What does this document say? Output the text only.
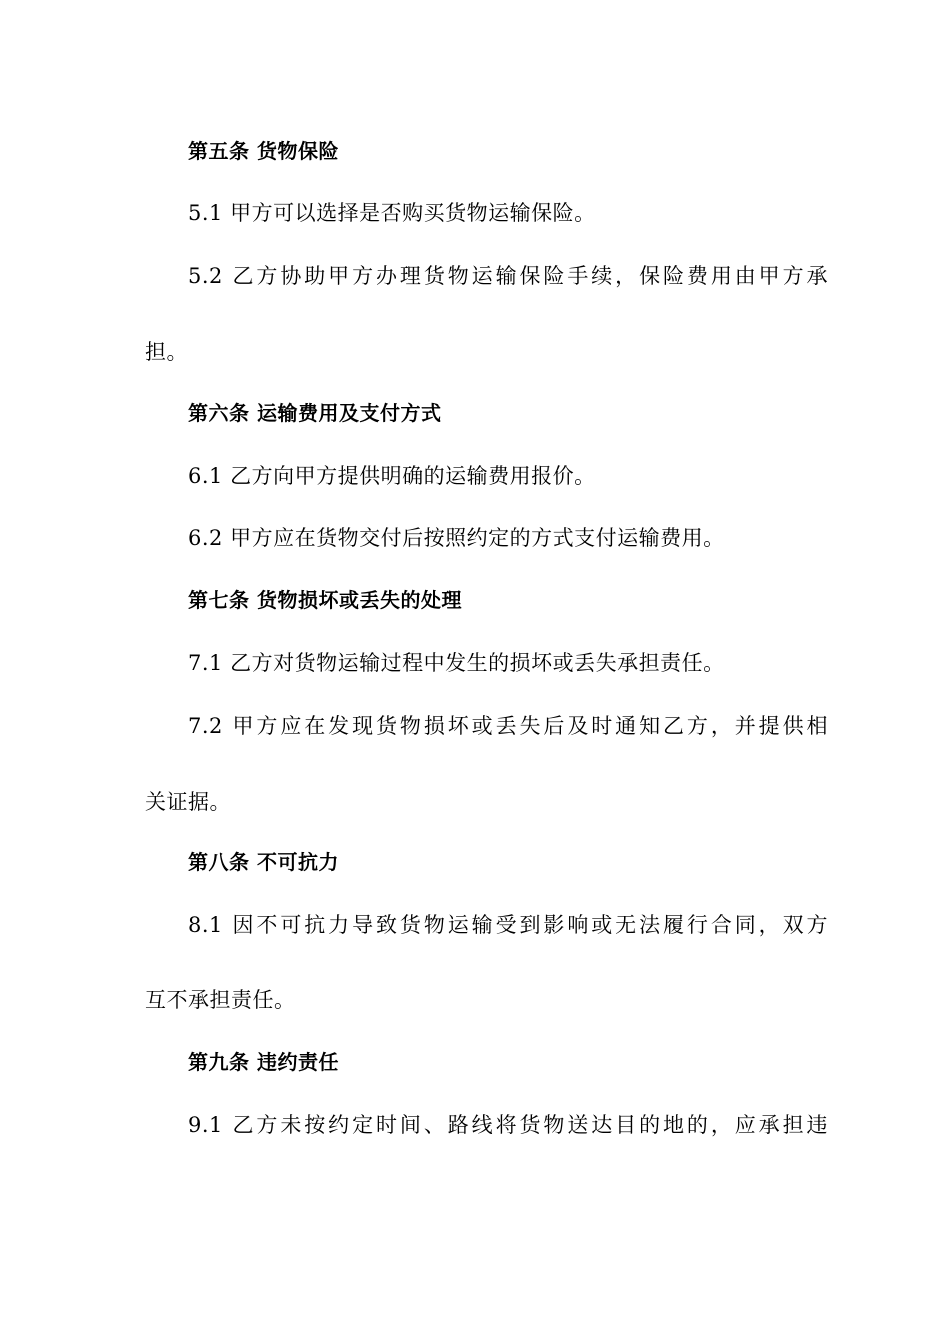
第五条 货物保险
5.1 甲方可以选择是否购买货物运输保险。
5.2 乙方协助甲方办理货物运输保险手续，保险费用由甲方承
担。
第六条 运输费用及支付方式
6.1 乙方向甲方提供明确的运输费用报价。
6.2 甲方应在货物交付后按照约定的方式支付运输费用。
第七条 货物损坏或丢失的处理
7.1 乙方对货物运输过程中发生的损坏或丢失承担责任。
7.2 甲方应在发现货物损坏或丢失后及时通知乙方，并提供相
关证据。
第八条 不可抗力
8.1 因不可抗力导致货物运输受到影响或无法履行合同，双方
互不承担责任。
第九条 违约责任
9.1 乙方未按约定时间、路线将货物送达目的地的，应承担违
